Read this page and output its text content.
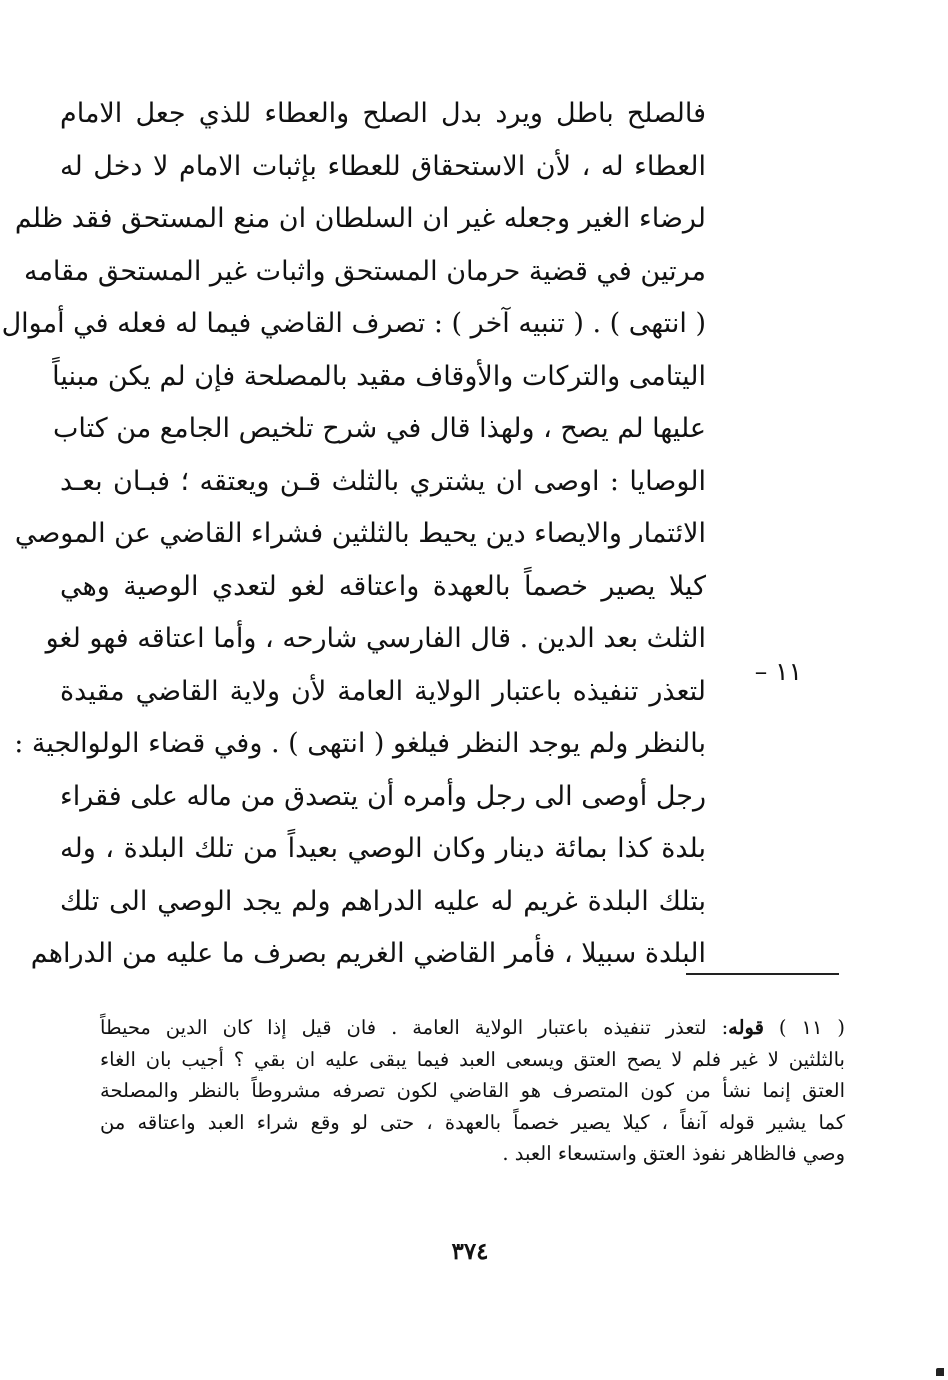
فالصلح باطل ويرد بدل الصلح والعطاء للذي جعل الامام
العطاء له ، لأن الاستحقاق للعطاء بإثبات الامام لا دخل له
لرضاء الغير وجعله غير ان السلطان ان منع المستحق فقد ظلم
مرتين في قضية حرمان المستحق واثبات غير المستحق مقامه
( انتهى ) . ( تنبيه آخر ) : تصرف القاضي فيما له فعله في أموال
اليتامى والتركات والأوقاف مقيد بالمصلحة فإن لم يكن مبنياً
عليها لم يصح ، ولهذا قال في شرح تلخيص الجامع من كتاب
الوصايا : اوصى ان يشتري بالثلث قـن ويعتقه ؛ فبـان بعـد
الائتمار والايصاء دين يحيط بالثلثين فشراء القاضي عن الموصي
كيلا يصير خصماً بالعهدة واعتاقه لغو لتعدي الوصية وهي
الثلث بعد الدين . قال الفارسي شارحه ، وأما اعتاقه فهو لغو
لتعذر تنفيذه باعتبار الولاية العامة لأن ولاية القاضي مقيدة
بالنظر ولم يوجد النظر فيلغو ( انتهى ) . وفي قضاء الولوالجية :
رجل أوصى الى رجل وأمره أن يتصدق من ماله على فقراء
بلدة كذا بمائة دينار وكان الوصي بعيداً من تلك البلدة ، وله
بتلك البلدة غريم له عليه الدراهم ولم يجد الوصي الى تلك
البلدة سبيلا ، فأمر القاضي الغريم بصرف ما عليه من الدراهم
١١ –
( ١١ ) قوله: لتعذر تنفيذه باعتبار الولاية العامة . فان قيل إذا كان الدين محيطاً
بالثلثين لا غير فلم لا يصح العتق ويسعى العبد فيما يبقى عليه ان بقي ؟ أجيب بان الغاء
العتق إنما نشأ من كون المتصرف هو القاضي لكون تصرفه مشروطاً بالنظر والمصلحة
كما يشير قوله آنفاً ، كيلا يصير خصماً بالعهدة ، حتى لو وقع شراء العبد واعتاقه من
وصي فالظاهر نفوذ العتق واستسعاء العبد .
٣٧٤
